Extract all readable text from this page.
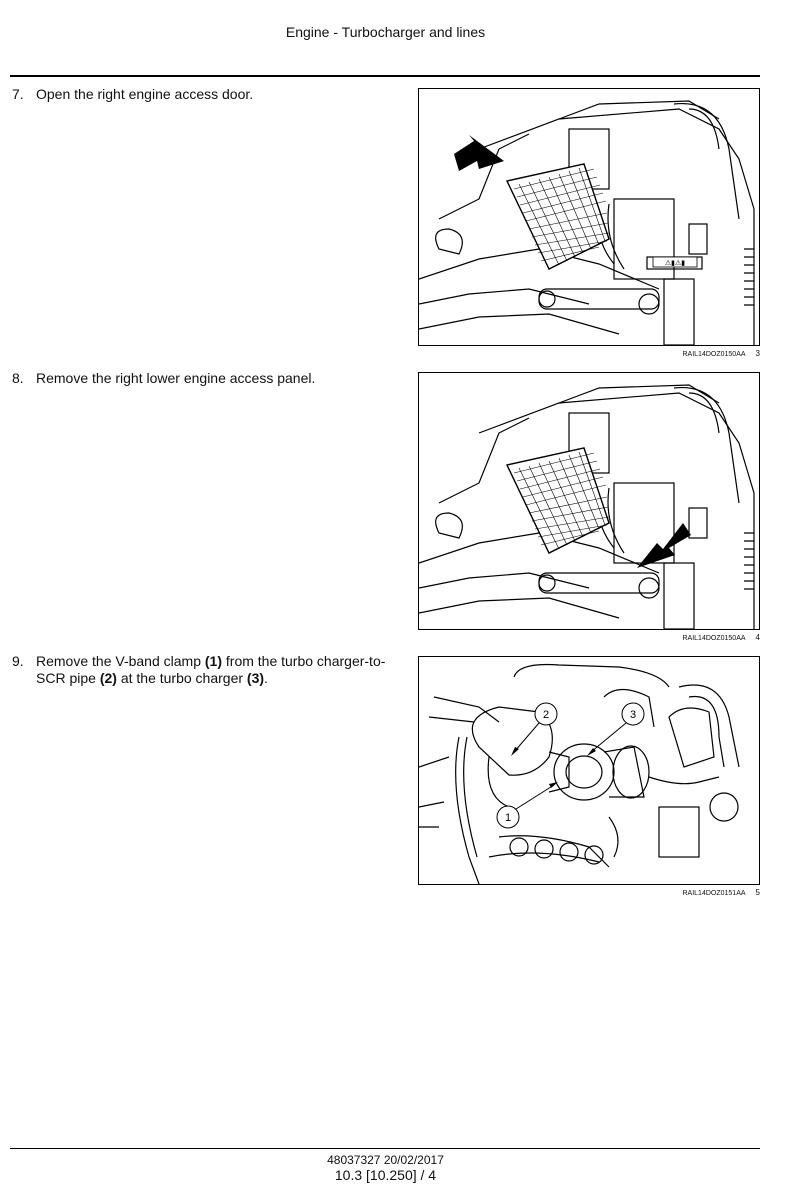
Engine - Turbocharger and lines
7. Open the right engine access door.
⚠▮⚠▮
RAIL14DOZ0150AA 3
8. Remove the right lower engine access panel.
RAIL14DOZ0150AA 4
9. Remove the V-band clamp (1) from the turbo charger-to-SCR pipe (2) at the turbo charger (3).
2	3
1
RAIL14DOZ0151AA 5
48037327 20/02/2017
10.3 [10.250] / 4
